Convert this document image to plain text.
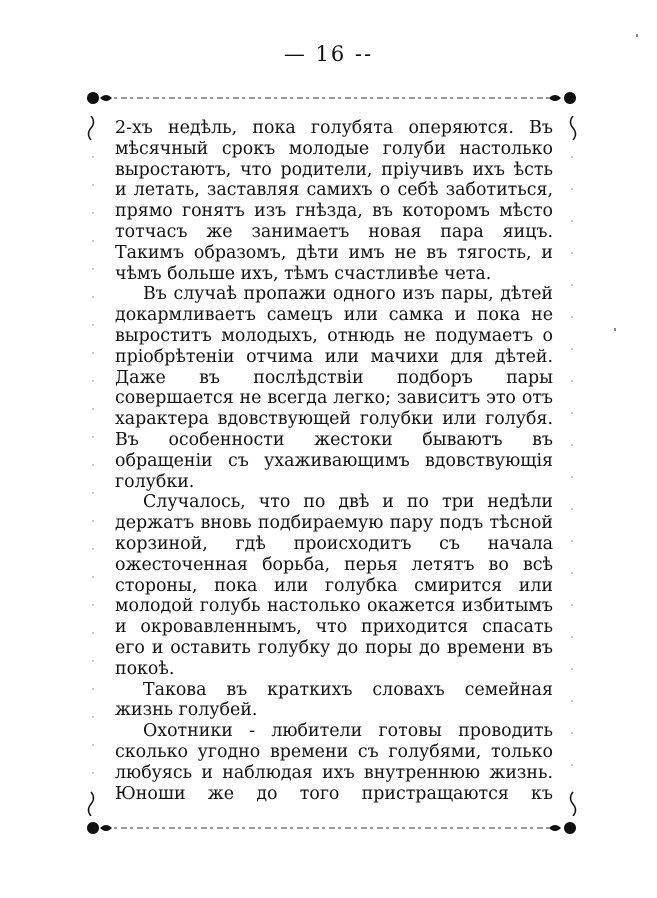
— 16 --

2-хъ недѣль, пока голубята оперяются. Въ мѣсячный срокъ молодые голуби настолько выростаютъ, что родители, пріучивъ ихъ ѣсть и летать, заставляя самихъ о себѣ заботиться, прямо гонятъ изъ гнѣзда, въ которомъ мѣсто тотчасъ же занимаетъ новая пара яицъ. Такимъ образомъ, дѣти имъ не въ тягость, и чѣмъ больше ихъ, тѣмъ счастливѣе чета.

Въ случаѣ пропажи одного изъ пары, дѣтей докармливаетъ самецъ или самка и пока не выроститъ молодыхъ, отнюдь не подумаетъ о пріобрѣтеніи отчима или мачихи для дѣтей. Даже въ послѣдствіи подборъ пары совершается не всегда легко; зависитъ это отъ характера вдовствующей голубки или голубя. Въ особенности жестоки бываютъ въ обращеніи съ ухаживающимъ вдовствующія голубки.

Случалось, что по двѣ и по три недѣли держатъ вновь подбираемую пару подъ тѣсной корзиной, гдѣ происходитъ съ начала ожесточенная борьба, перья летятъ во всѣ стороны, пока или голубка смирится или молодой голубь настолько окажется избитымъ и окровавленнымъ, что приходится спасать его и оставить голубку до поры до времени въ покоѣ.

Такова въ краткихъ словахъ семейная жизнь голубей.

Охотники - любители готовы проводить сколько угодно времени съ голубями, только любуясь и наблюдая ихъ внутреннюю жизнь. Юноши же до того пристращаются къ
